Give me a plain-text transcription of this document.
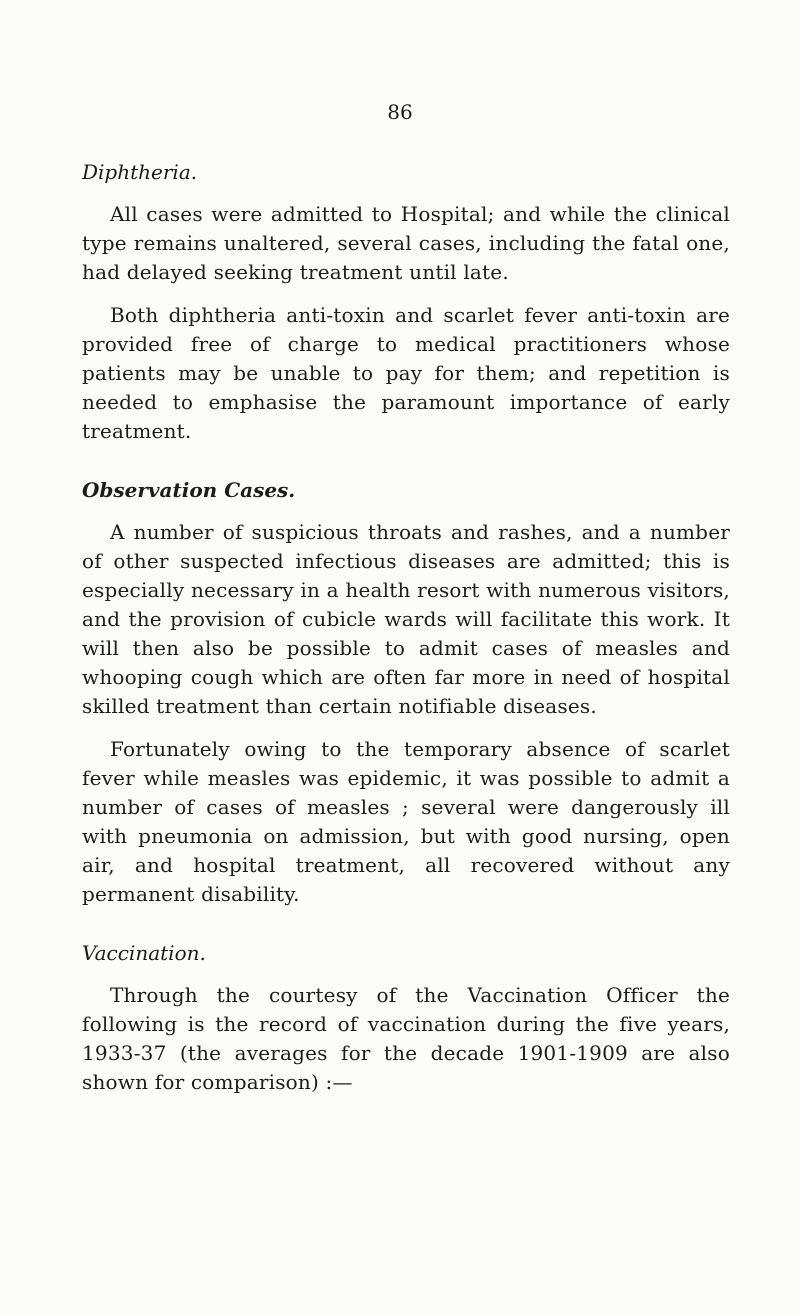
86
Diphtheria.

All cases were admitted to Hospital; and while the clinical type remains unaltered, several cases, including the fatal one, had delayed seeking treatment until late.

Both diphtheria anti-toxin and scarlet fever anti-toxin are provided free of charge to medical practitioners whose patients may be unable to pay for them; and repetition is needed to emphasise the paramount importance of early treatment.

Observation Cases.

A number of suspicious throats and rashes, and a number of other suspected infectious diseases are admitted; this is especially necessary in a health resort with numerous visitors, and the provision of cubicle wards will facilitate this work. It will then also be possible to admit cases of measles and whooping cough which are often far more in need of hospital skilled treatment than certain notifiable diseases.

Fortunately owing to the temporary absence of scarlet fever while measles was epidemic, it was possible to admit a number of cases of measles ; several were dangerously ill with pneumonia on admission, but with good nursing, open air, and hospital treatment, all recovered without any permanent disability.

Vaccination.

Through the courtesy of the Vaccination Officer the following is the record of vaccination during the five years, 1933-37 (the averages for the decade 1901-1909 are also shown for comparison) :—
